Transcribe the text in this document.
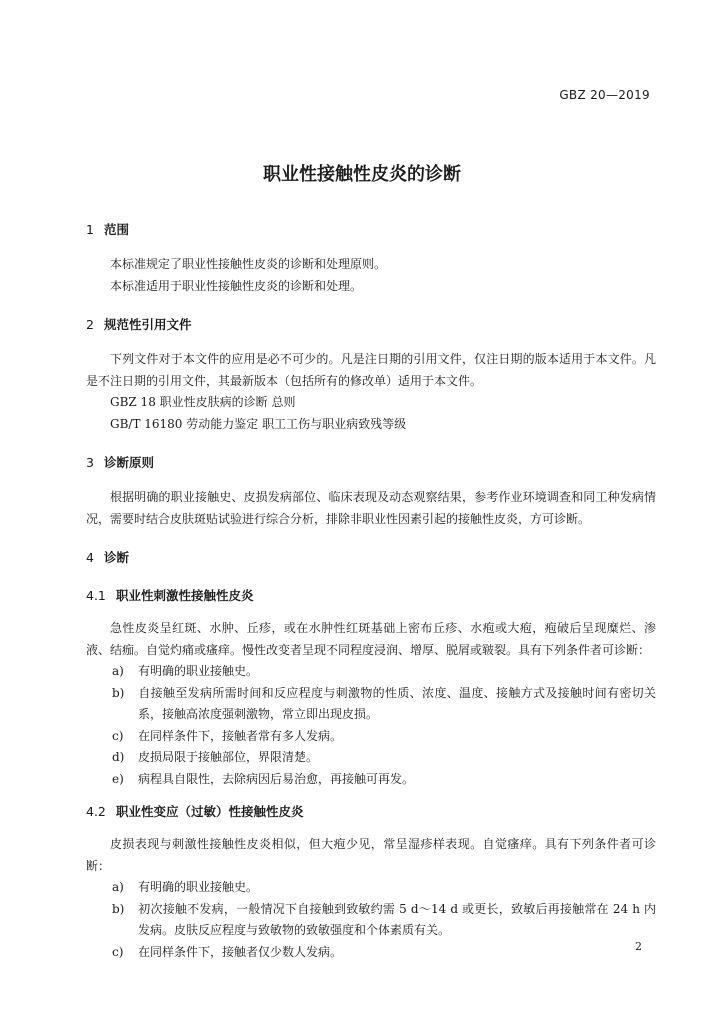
GBZ 20—2019
职业性接触性皮炎的诊断
1 范围
本标准规定了职业性接触性皮炎的诊断和处理原则。
本标准适用于职业性接触性皮炎的诊断和处理。
2 规范性引用文件
下列文件对于本文件的应用是必不可少的。凡是注日期的引用文件，仅注日期的版本适用于本文件。凡是不注日期的引用文件，其最新版本（包括所有的修改单）适用于本文件。
GBZ 18 职业性皮肤病的诊断 总则
GB/T 16180 劳动能力鉴定 职工工伤与职业病致残等级
3 诊断原则
根据明确的职业接触史、皮损发病部位、临床表现及动态观察结果，参考作业环境调查和同工种发病情况，需要时结合皮肤斑贴试验进行综合分析，排除非职业性因素引起的接触性皮炎，方可诊断。
4 诊断
4.1 职业性刺激性接触性皮炎
急性皮炎呈红斑、水肿、丘疹，或在水肿性红斑基础上密布丘疹、水疱或大疱，疱破后呈现糜烂、渗液、结痂。自觉灼痛或瘙痒。慢性改变者呈现不同程度浸润、增厚、脱屑或皲裂。具有下列条件者可诊断：
a) 有明确的职业接触史。
b) 自接触至发病所需时间和反应程度与刺激物的性质、浓度、温度、接触方式及接触时间有密切关系，接触高浓度强刺激物，常立即出现皮损。
c) 在同样条件下，接触者常有多人发病。
d) 皮损局限于接触部位，界限清楚。
e) 病程具自限性，去除病因后易治愈，再接触可再发。
4.2 职业性变应（过敏）性接触性皮炎
皮损表现与刺激性接触性皮炎相似，但大疱少见，常呈湿疹样表现。自觉瘙痒。具有下列条件者可诊断：
a) 有明确的职业接触史。
b) 初次接触不发病，一般情况下自接触到致敏约需 5 d～14 d 或更长，致敏后再接触常在 24 h 内发病。皮肤反应程度与致敏物的致敏强度和个体素质有关。
c) 在同样条件下，接触者仅少数人发病。	2
